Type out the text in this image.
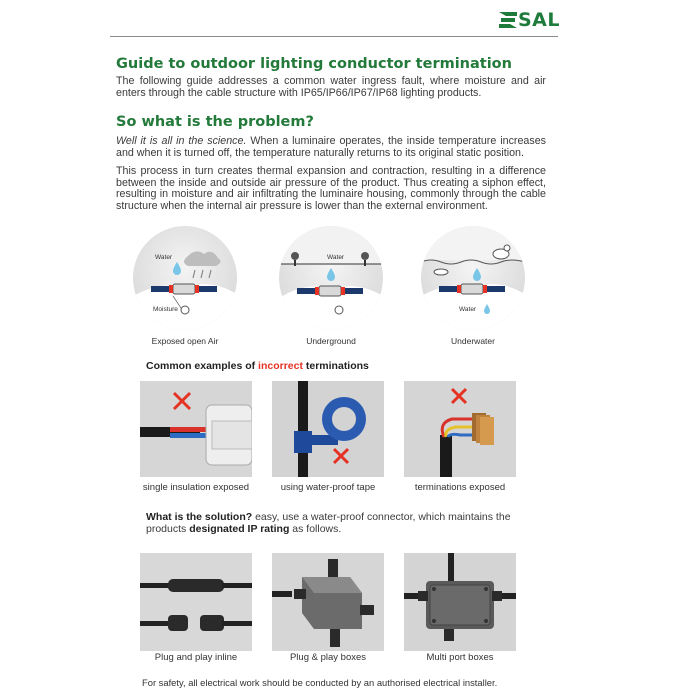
SAL
Guide to outdoor lighting conductor termination
The following guide addresses a common water ingress fault, where moisture and air enters through the cable structure with IP65/IP66/IP67/IP68 lighting products.
So what is the problem?
Well it is all in the science. When a luminaire operates, the inside temperature increases and when it is turned off, the temperature naturally returns to its original static position.
This process in turn creates thermal expansion and contraction, resulting in a difference between the inside and outside air pressure of the product. Thus creating a siphon effect, resulting in moisture and air infiltrating the luminaire housing, commonly through the cable structure when the internal air pressure is lower than the external environment.
Water
Moisture
Exposed open Air
Water
Underground
Water
Underwater
Common examples of incorrect terminations
single insulation exposed	using water-proof tape	terminations exposed
What is the solution? easy, use a water-proof connector, which maintains the products designated IP rating as follows.
Plug and play inline	Plug & play boxes	Multi port boxes
For safety, all electrical work should be conducted by an authorised electrical installer.
